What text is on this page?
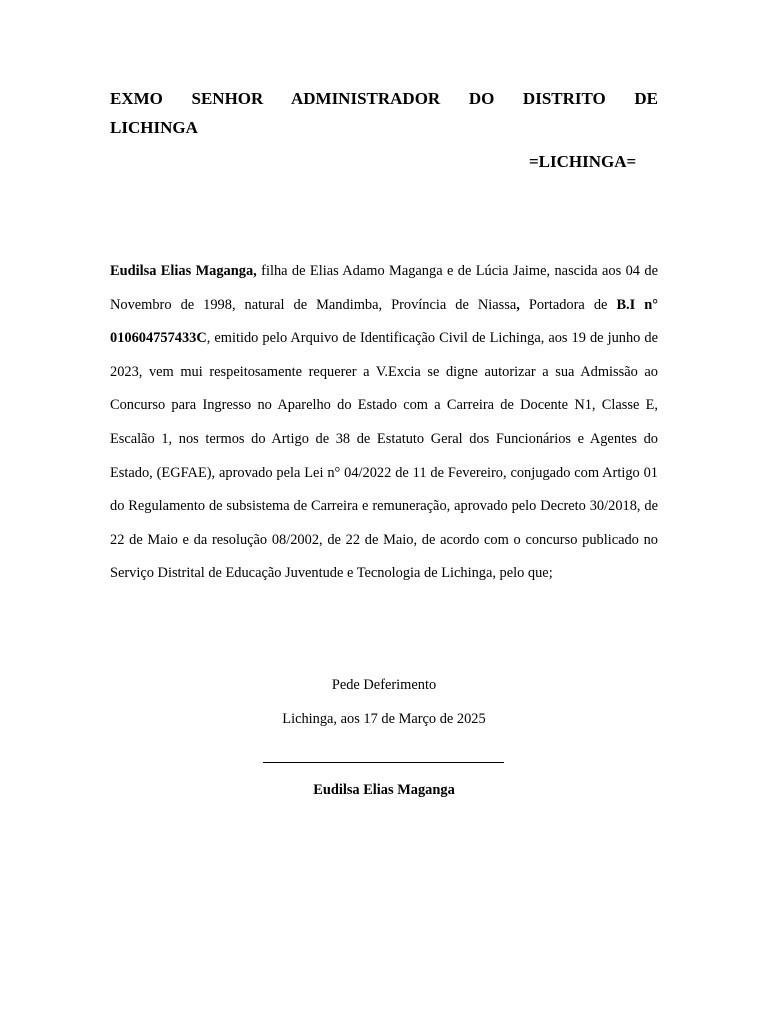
EXMO SENHOR ADMINISTRADOR DO DISTRITO DE
LICHINGA

=LICHINGA=

Eudilsa Elias Maganga, filha de Elias Adamo Maganga e de Lúcia Jaime, nascida aos 04 de Novembro de 1998, natural de Mandimba, Província de Niassa, Portadora de B.I n° 010604757433C, emitido pelo Arquivo de Identificação Civil de Lichinga, aos 19 de junho de 2023, vem mui respeitosamente requerer a V.Excia se digne autorizar a sua Admissão ao Concurso para Ingresso no Aparelho do Estado com a Carreira de Docente N1, Classe E, Escalão 1, nos termos do Artigo de 38 de Estatuto Geral dos Funcionários e Agentes do Estado, (EGFAE), aprovado pela Lei n° 04/2022 de 11 de Fevereiro, conjugado com Artigo 01 do Regulamento de subsistema de Carreira e remuneração, aprovado pelo Decreto 30/2018, de 22 de Maio e da resolução 08/2002, de 22 de Maio, de acordo com o concurso publicado no Serviço Distrital de Educação Juventude e Tecnologia de Lichinga, pelo que;

Pede Deferimento

Lichinga, aos 17 de Março de 2025

Eudilsa Elias Maganga
